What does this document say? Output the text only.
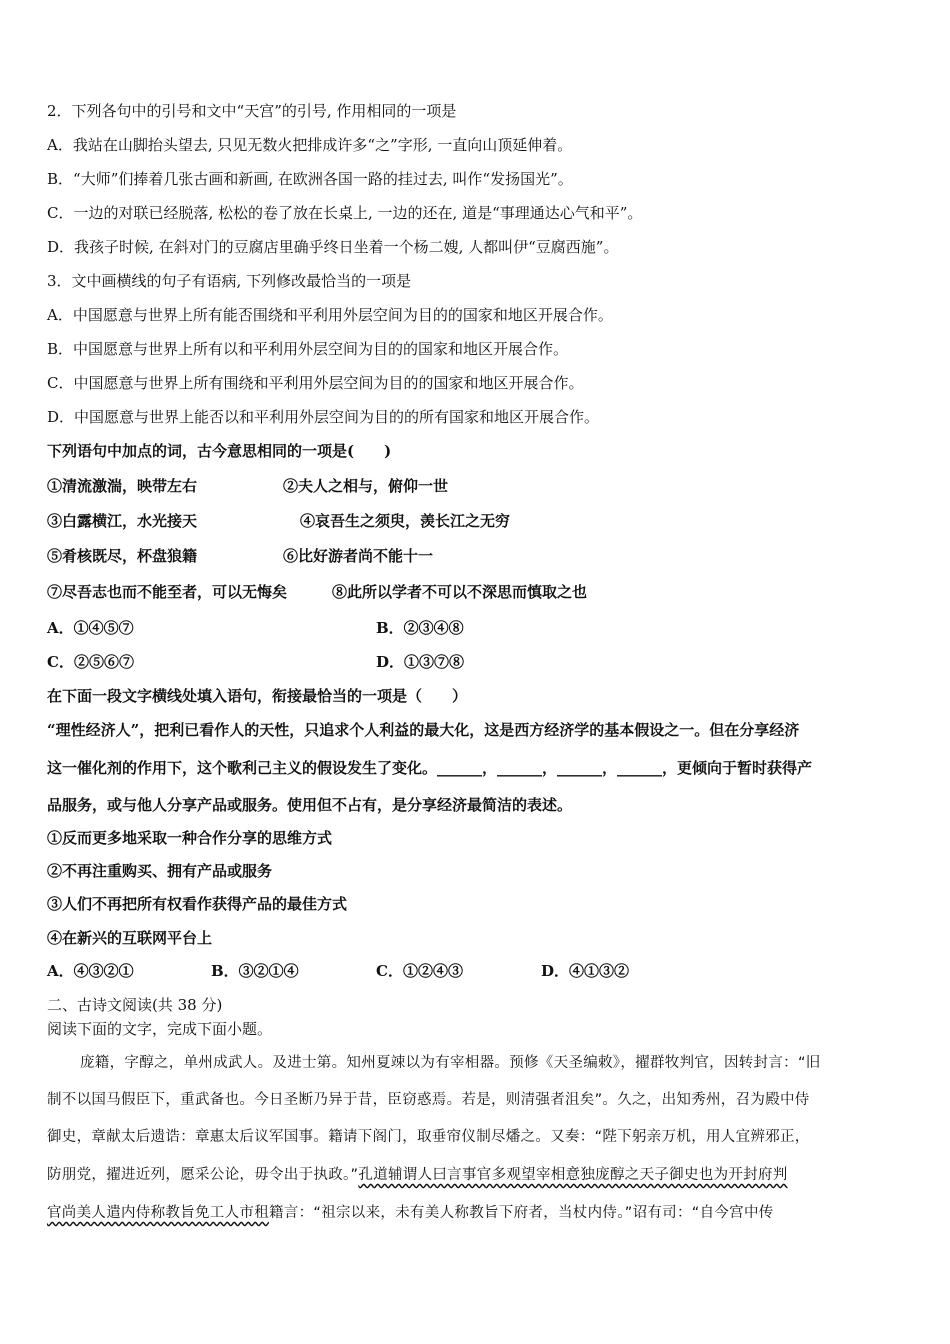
2．下列各句中的引号和文中“天宫”的引号, 作用相同的一项是
A．我站在山脚抬头望去, 只见无数火把排成许多“之”字形, 一直向山顶延伸着。
B．“大师”们捧着几张古画和新画, 在欧洲各国一路的挂过去, 叫作“发扬国光”。
C．一边的对联已经脱落, 松松的卷了放在长桌上, 一边的还在, 道是“事理通达心气和平”。
D．我孩子时候, 在斜对门的豆腐店里确乎终日坐着一个杨二嫂, 人都叫伊“豆腐西施”。
3．文中画横线的句子有语病, 下列修改最恰当的一项是
A．中国愿意与世界上所有能否围绕和平利用外层空间为目的的国家和地区开展合作。
B．中国愿意与世界上所有以和平利用外层空间为目的的国家和地区开展合作。
C．中国愿意与世界上所有围绕和平利用外层空间为目的的国家和地区开展合作。
D．中国愿意与世界上能否以和平利用外层空间为目的的所有国家和地区开展合作。
下列语句中加点的词，古今意思相同的一项是(　　)
①清流激湍，映带左右	②夫人之相与，俯仰一世
③白露横江，水光接天	④哀吾生之须臾，羡长江之无穷
⑤肴核既尽，杯盘狼籍	⑥比好游者尚不能十一
⑦尽吾志也而不能至者，可以无悔矣	⑧此所以学者不可以不深思而慎取之也
A．①④⑤⑦	B．②③④⑧
C．②⑤⑥⑦	D．①③⑦⑧
在下面一段文字横线处填入语句，衔接最恰当的一项是（　　）
“理性经济人”，把利已看作人的天性，只追求个人利益的最大化，这是西方经济学的基本假设之一。但在分享经济
这一催化剂的作用下，这个歌利己主义的假设发生了变化。______，______，______，______，更倾向于暂时获得产
品服务，或与他人分享产品或服务。使用但不占有，是分享经济最简洁的表述。
①反而更多地采取一种合作分享的思维方式
②不再注重购买、拥有产品或服务
③人们不再把所有权看作获得产品的最佳方式
④在新兴的互联网平台上
A．④③②①	B．③②①④	C．①②④③	D．④①③②
二、古诗文阅读(共 38 分)
阅读下面的文字，完成下面小题。
庞籍，字醇之，单州成武人。及进士第。知州夏竦以为有宰相器。预修《天圣编敕》，擢群牧判官，因转封言：“旧
制不以国马假臣下，重武备也。今日圣断乃异于昔，臣窃惑焉。若是，则清强者沮矣”。久之，出知秀州，召为殿中侍
御史，章献太后遗诰：章惠太后议军国事。籍请下阁门，取垂帘仪制尽燔之。又奏：“陛下躬亲万机，用人宜辨邪正，
防朋党，擢进近列，愿采公论，毋令出于执政。”孔道辅谓人曰言事官多观望宰相意独庞醇之天子御史也为开封府判
官尚美人遣内侍称教旨免工人市租籍言：“祖宗以来，未有美人称教旨下府者，当杖内侍。”诏有司：“自今宫中传
